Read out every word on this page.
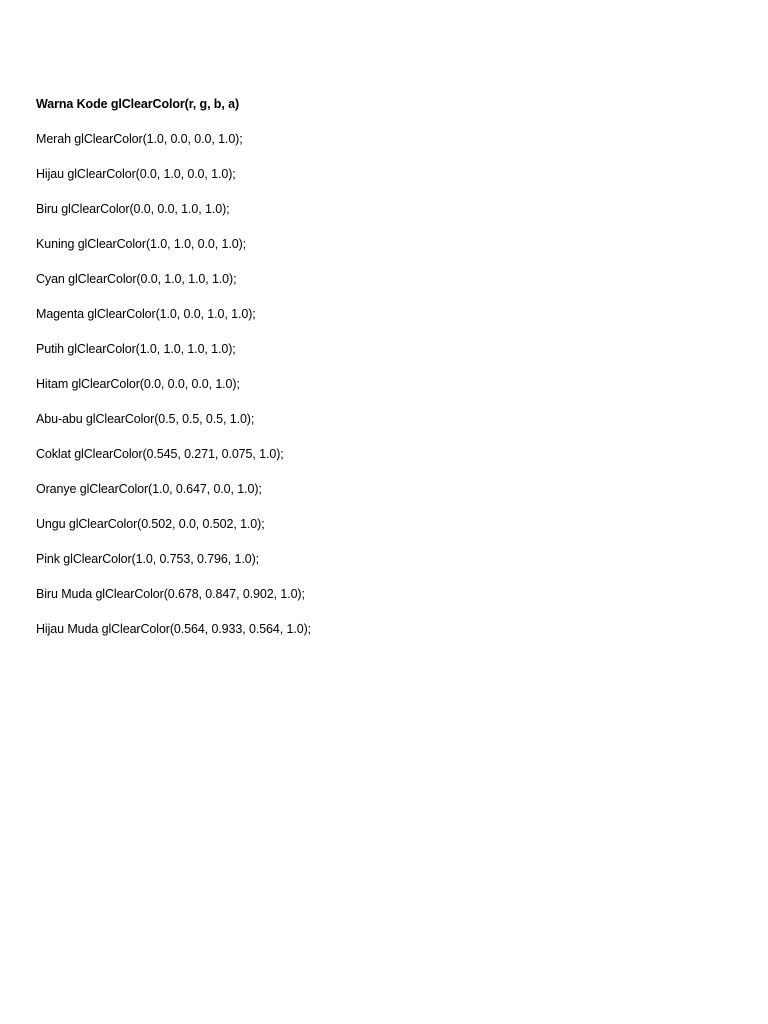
Warna Kode glClearColor(r, g, b, a)
Merah glClearColor(1.0, 0.0, 0.0, 1.0);
Hijau glClearColor(0.0, 1.0, 0.0, 1.0);
Biru glClearColor(0.0, 0.0, 1.0, 1.0);
Kuning glClearColor(1.0, 1.0, 0.0, 1.0);
Cyan glClearColor(0.0, 1.0, 1.0, 1.0);
Magenta glClearColor(1.0, 0.0, 1.0, 1.0);
Putih glClearColor(1.0, 1.0, 1.0, 1.0);
Hitam glClearColor(0.0, 0.0, 0.0, 1.0);
Abu-abu glClearColor(0.5, 0.5, 0.5, 1.0);
Coklat glClearColor(0.545, 0.271, 0.075, 1.0);
Oranye glClearColor(1.0, 0.647, 0.0, 1.0);
Ungu glClearColor(0.502, 0.0, 0.502, 1.0);
Pink glClearColor(1.0, 0.753, 0.796, 1.0);
Biru Muda glClearColor(0.678, 0.847, 0.902, 1.0);
Hijau Muda glClearColor(0.564, 0.933, 0.564, 1.0);
